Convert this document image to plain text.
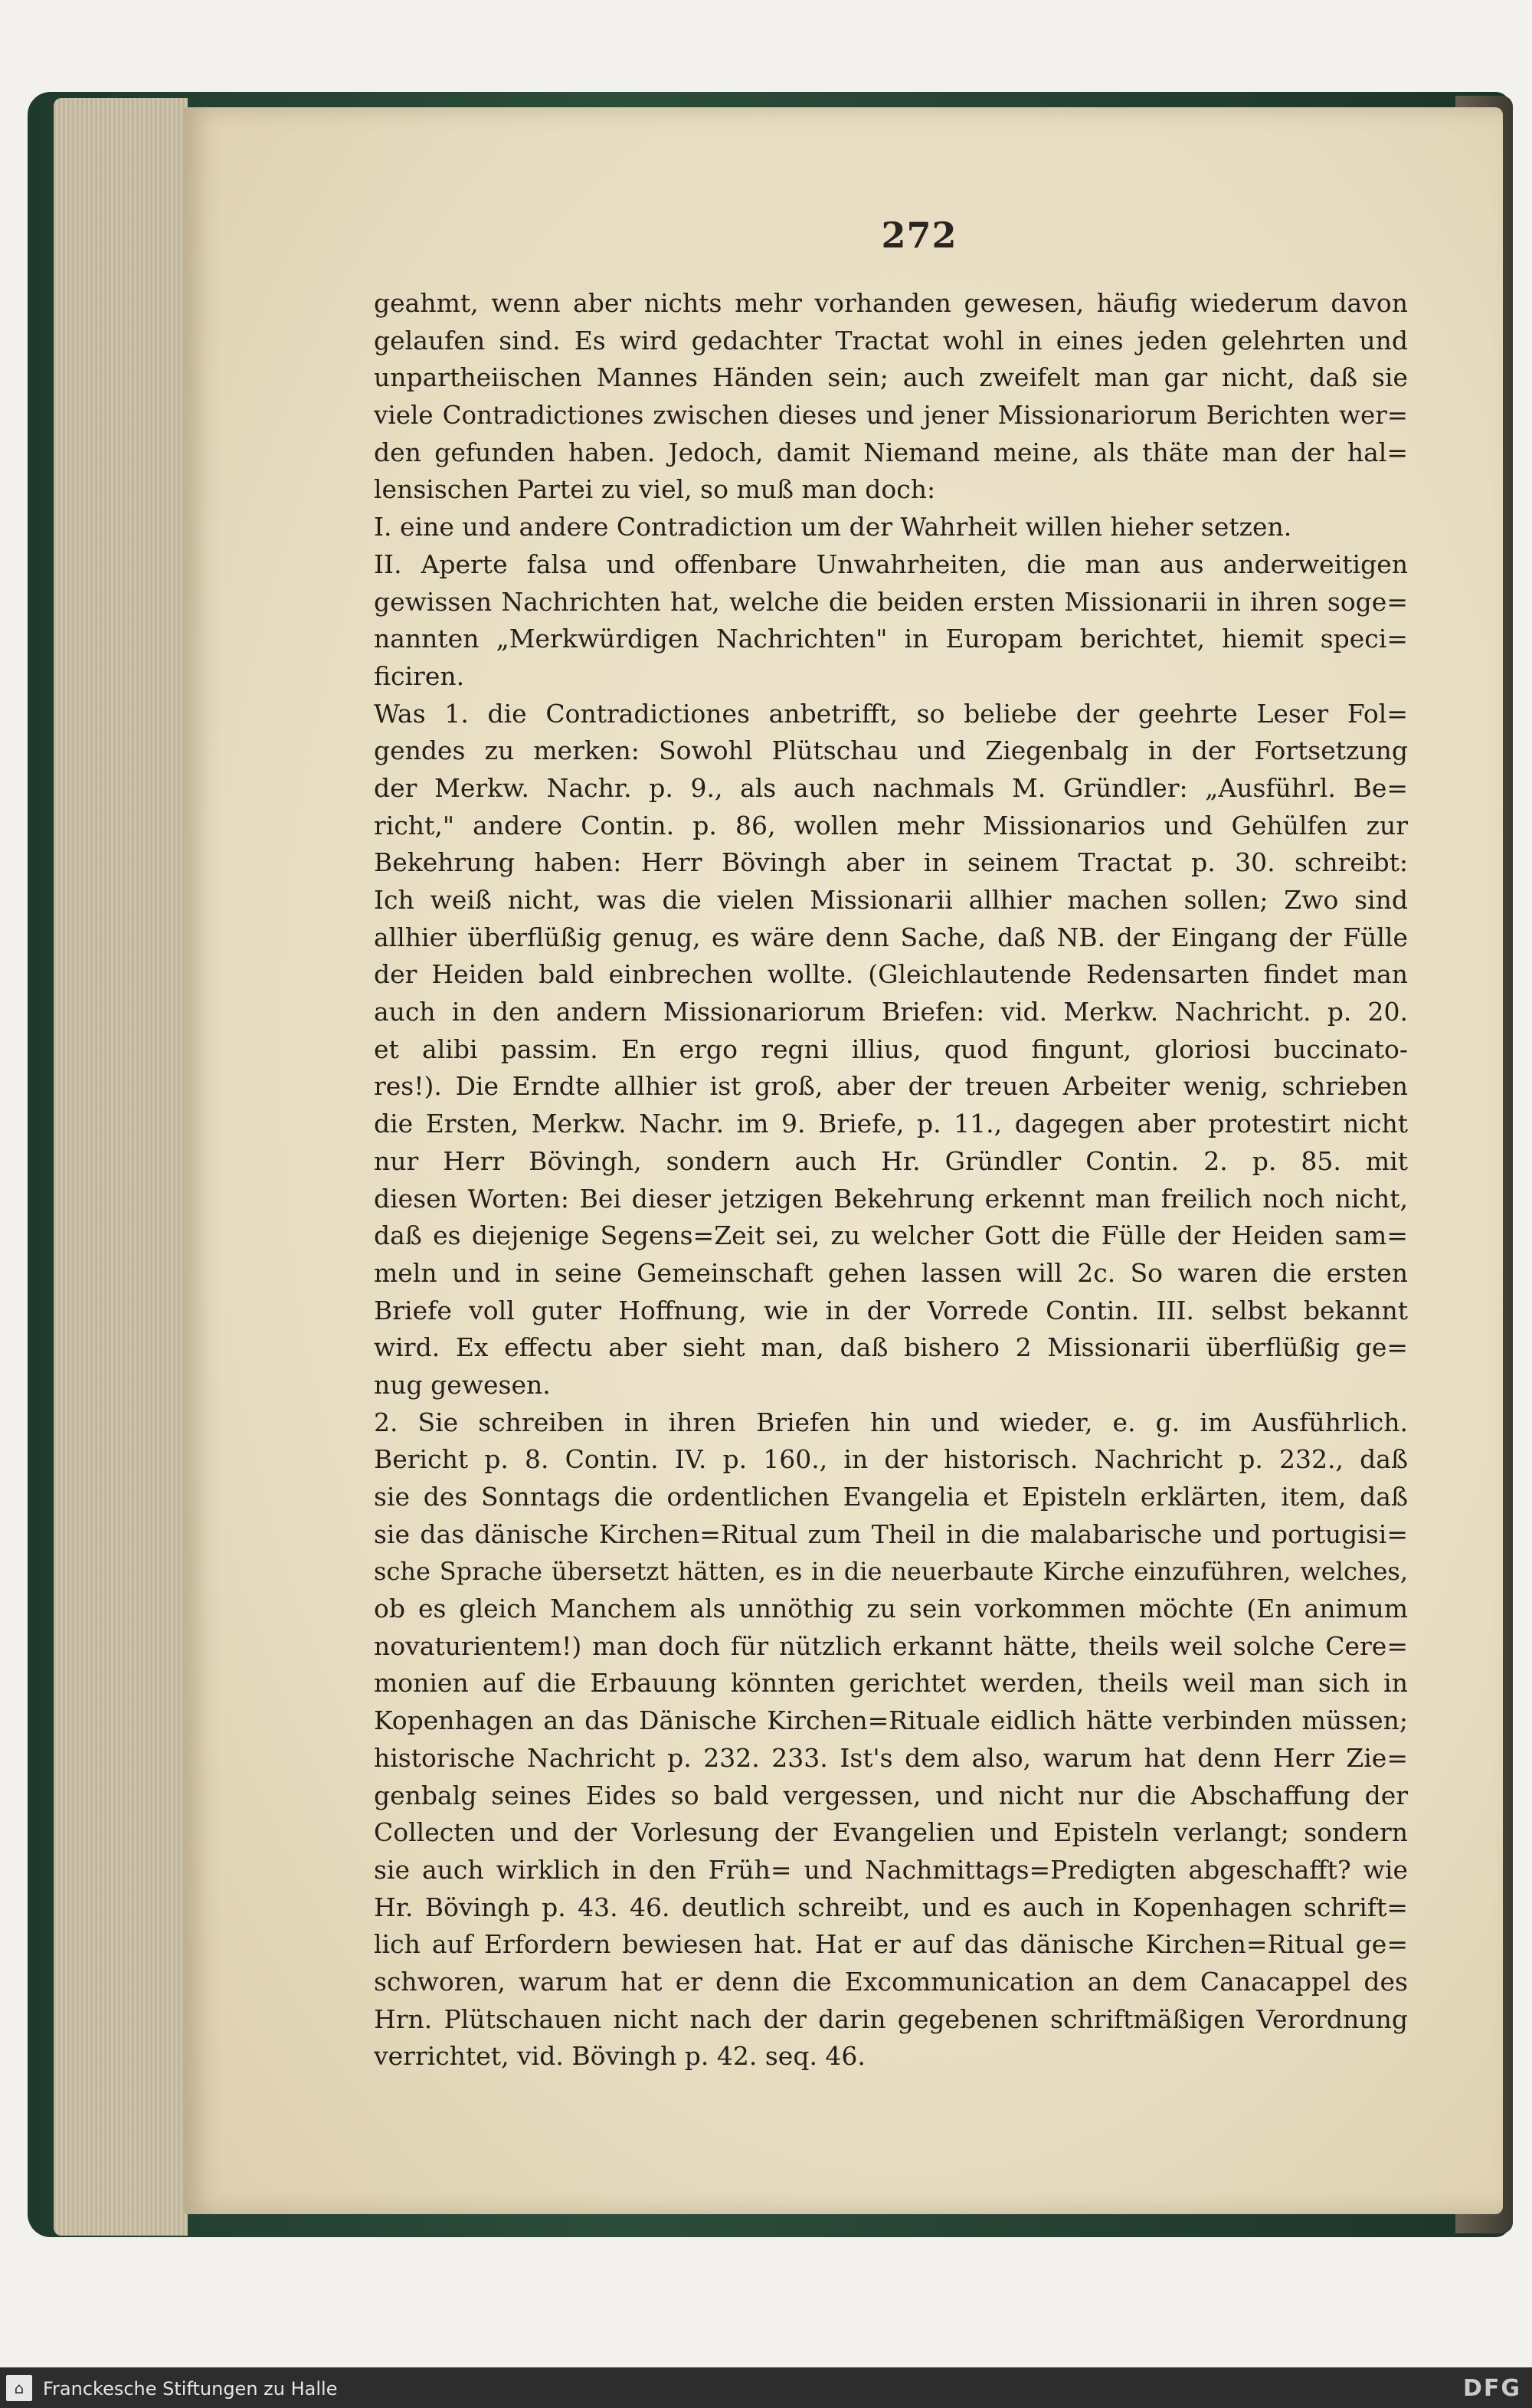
272
geahmt, wenn aber nichts mehr vorhanden gewesen, häufig wiederum davon
gelaufen sind. Es wird gedachter Tractat wohl in eines jeden gelehrten und
unpartheiischen Mannes Händen sein; auch zweifelt man gar nicht, daß sie
viele Contradictiones zwischen dieses und jener Missionariorum Berichten wer=
den gefunden haben. Jedoch, damit Niemand meine, als thäte man der hal=
lensischen Partei zu viel, so muß man doch:
I. eine und andere Contradiction um der Wahrheit willen hieher setzen.
II. Aperte falsa und offenbare Unwahrheiten, die man aus anderweitigen
gewissen Nachrichten hat, welche die beiden ersten Missionarii in ihren soge=
nannten „Merkwürdigen Nachrichten" in Europam berichtet, hiemit speci=
ficiren.
Was 1. die Contradictiones anbetrifft, so beliebe der geehrte Leser Fol=
gendes zu merken: Sowohl Plütschau und Ziegenbalg in der Fortsetzung
der Merkw. Nachr. p. 9., als auch nachmals M. Gründler: „Ausführl. Be=
richt," andere Contin. p. 86, wollen mehr Missionarios und Gehülfen zur
Bekehrung haben: Herr Bövingh aber in seinem Tractat p. 30. schreibt:
Ich weiß nicht, was die vielen Missionarii allhier machen sollen; Zwo sind
allhier überflüßig genug, es wäre denn Sache, daß NB. der Eingang der Fülle
der Heiden bald einbrechen wollte. (Gleichlautende Redensarten findet man
auch in den andern Missionariorum Briefen: vid. Merkw. Nachricht. p. 20.
et alibi passim. En ergo regni illius, quod fingunt, gloriosi buccinato-
res!). Die Erndte allhier ist groß, aber der treuen Arbeiter wenig, schrieben
die Ersten, Merkw. Nachr. im 9. Briefe, p. 11., dagegen aber protestirt nicht
nur Herr Bövingh, sondern auch Hr. Gründler Contin. 2. p. 85. mit
diesen Worten: Bei dieser jetzigen Bekehrung erkennt man freilich noch nicht,
daß es diejenige Segens=Zeit sei, zu welcher Gott die Fülle der Heiden sam=
meln und in seine Gemeinschaft gehen lassen will 2c. So waren die ersten
Briefe voll guter Hoffnung, wie in der Vorrede Contin. III. selbst bekannt
wird. Ex effectu aber sieht man, daß bishero 2 Missionarii überflüßig ge=
nug gewesen.
2. Sie schreiben in ihren Briefen hin und wieder, e. g. im Ausführlich.
Bericht p. 8. Contin. IV. p. 160., in der historisch. Nachricht p. 232., daß
sie des Sonntags die ordentlichen Evangelia et Episteln erklärten, item, daß
sie das dänische Kirchen=Ritual zum Theil in die malabarische und portugisi=
sche Sprache übersetzt hätten, es in die neuerbaute Kirche einzuführen, welches,
ob es gleich Manchem als unnöthig zu sein vorkommen möchte (En animum
novaturientem!) man doch für nützlich erkannt hätte, theils weil solche Cere=
monien auf die Erbauung könnten gerichtet werden, theils weil man sich in
Kopenhagen an das Dänische Kirchen=Rituale eidlich hätte verbinden müssen;
historische Nachricht p. 232. 233. Ist's dem also, warum hat denn Herr Zie=
genbalg seines Eides so bald vergessen, und nicht nur die Abschaffung der
Collecten und der Vorlesung der Evangelien und Episteln verlangt; sondern
sie auch wirklich in den Früh= und Nachmittags=Predigten abgeschafft? wie
Hr. Bövingh p. 43. 46. deutlich schreibt, und es auch in Kopenhagen schrift=
lich auf Erfordern bewiesen hat. Hat er auf das dänische Kirchen=Ritual ge=
schworen, warum hat er denn die Excommunication an dem Canacappel des
Hrn. Plütschauen nicht nach der darin gegebenen schriftmäßigen Verordnung
verrichtet, vid. Bövingh p. 42. seq. 46.
⌂	Franckesche Stiftungen zu Halle	DFG
